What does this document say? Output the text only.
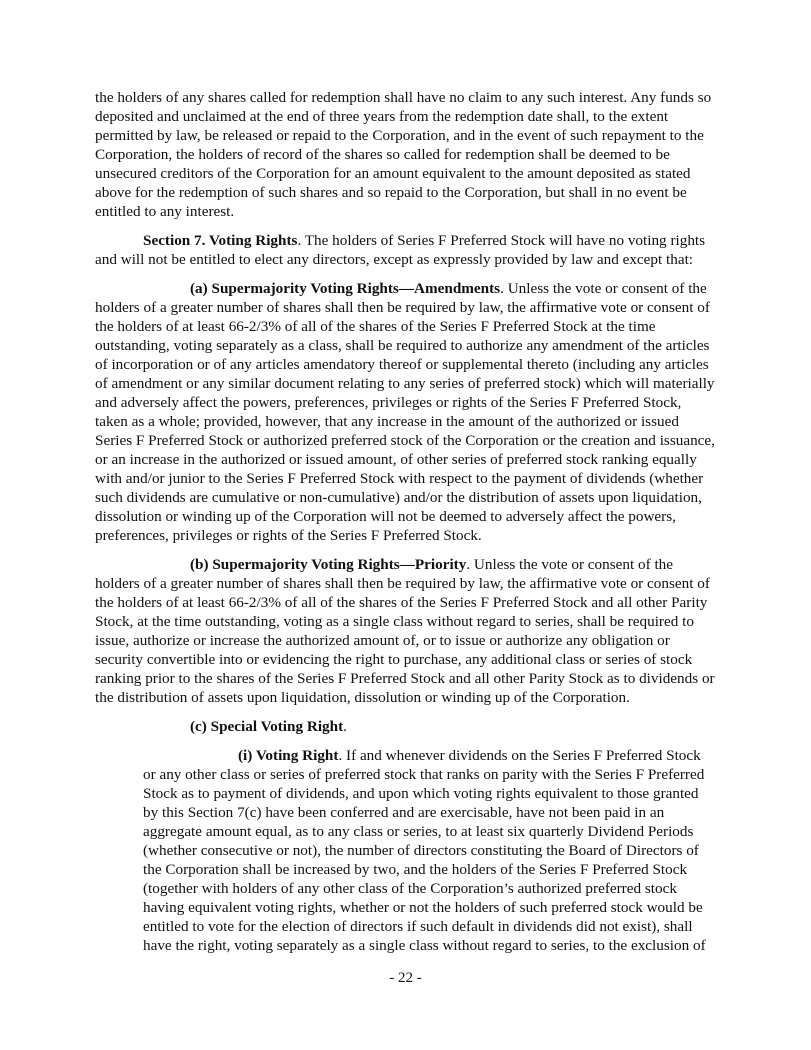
the holders of any shares called for redemption shall have no claim to any such interest. Any funds so deposited and unclaimed at the end of three years from the redemption date shall, to the extent permitted by law, be released or repaid to the Corporation, and in the event of such repayment to the Corporation, the holders of record of the shares so called for redemption shall be deemed to be unsecured creditors of the Corporation for an amount equivalent to the amount deposited as stated above for the redemption of such shares and so repaid to the Corporation, but shall in no event be entitled to any interest.

Section 7. Voting Rights. The holders of Series F Preferred Stock will have no voting rights and will not be entitled to elect any directors, except as expressly provided by law and except that:

(a) Supermajority Voting Rights—Amendments. Unless the vote or consent of the holders of a greater number of shares shall then be required by law, the affirmative vote or consent of the holders of at least 66-2/3% of all of the shares of the Series F Preferred Stock at the time outstanding, voting separately as a class, shall be required to authorize any amendment of the articles of incorporation or of any articles amendatory thereof or supplemental thereto (including any articles of amendment or any similar document relating to any series of preferred stock) which will materially and adversely affect the powers, preferences, privileges or rights of the Series F Preferred Stock, taken as a whole; provided, however, that any increase in the amount of the authorized or issued Series F Preferred Stock or authorized preferred stock of the Corporation or the creation and issuance, or an increase in the authorized or issued amount, of other series of preferred stock ranking equally with and/or junior to the Series F Preferred Stock with respect to the payment of dividends (whether such dividends are cumulative or non-cumulative) and/or the distribution of assets upon liquidation, dissolution or winding up of the Corporation will not be deemed to adversely affect the powers, preferences, privileges or rights of the Series F Preferred Stock.

(b) Supermajority Voting Rights—Priority. Unless the vote or consent of the holders of a greater number of shares shall then be required by law, the affirmative vote or consent of the holders of at least 66-2/3% of all of the shares of the Series F Preferred Stock and all other Parity Stock, at the time outstanding, voting as a single class without regard to series, shall be required to issue, authorize or increase the authorized amount of, or to issue or authorize any obligation or security convertible into or evidencing the right to purchase, any additional class or series of stock ranking prior to the shares of the Series F Preferred Stock and all other Parity Stock as to dividends or the distribution of assets upon liquidation, dissolution or winding up of the Corporation.

(c) Special Voting Right.

(i) Voting Right. If and whenever dividends on the Series F Preferred Stock or any other class or series of preferred stock that ranks on parity with the Series F Preferred Stock as to payment of dividends, and upon which voting rights equivalent to those granted by this Section 7(c) have been conferred and are exercisable, have not been paid in an aggregate amount equal, as to any class or series, to at least six quarterly Dividend Periods (whether consecutive or not), the number of directors constituting the Board of Directors of the Corporation shall be increased by two, and the holders of the Series F Preferred Stock (together with holders of any other class of the Corporation’s authorized preferred stock having equivalent voting rights, whether or not the holders of such preferred stock would be entitled to vote for the election of directors if such default in dividends did not exist), shall have the right, voting separately as a single class without regard to series, to the exclusion of

- 22 -
